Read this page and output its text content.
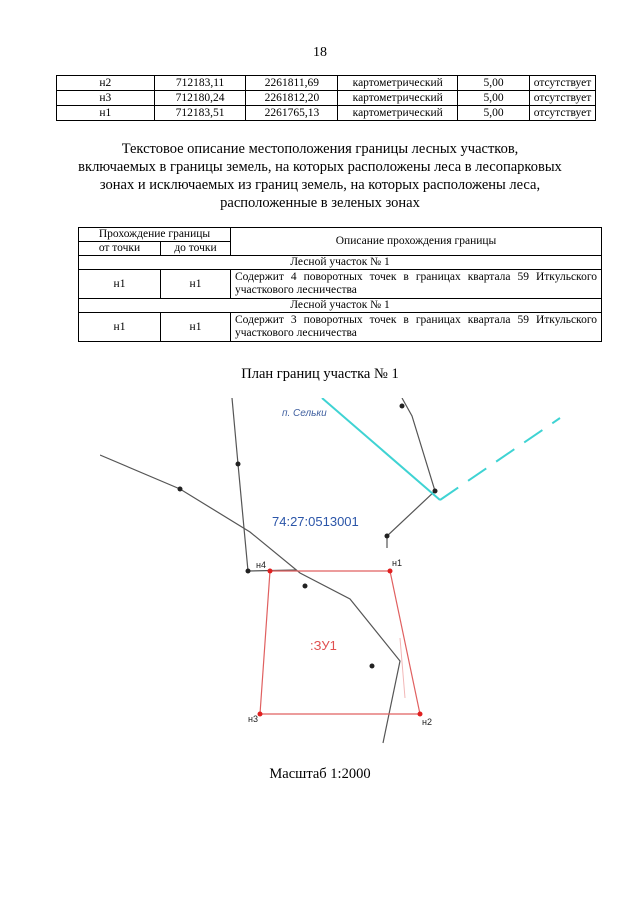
18
н2	712183,11	2261811,69	картометрический	5,00	отсутствует
н3	712180,24	2261812,20	картометрический	5,00	отсутствует
н1	712183,51	2261765,13	картометрический	5,00	отсутствует
Текстовое описание местоположения границы лесных участков,
включаемых в границы земель, на которых расположены леса в лесопарковых
зонах и исключаемых из границ земель, на которых расположены леса,
расположенные в зеленых зонах
Прохождение границы		Описание прохождения границы
от точки	до точки	
Лесной участок № 1		
н1	н1	Содержит 4 поворотных точек в границах квартала 59 Иткульского участкового лесничества
Лесной участок № 1		
н1	н1	Содержит 3 поворотных точек в границах квартала 59 Иткульского участкового лесничества
План границ участка № 1
п. Сельки
74:27:0513001
:ЗУ1
н1
н2
н3
н4
Масштаб 1:2000
